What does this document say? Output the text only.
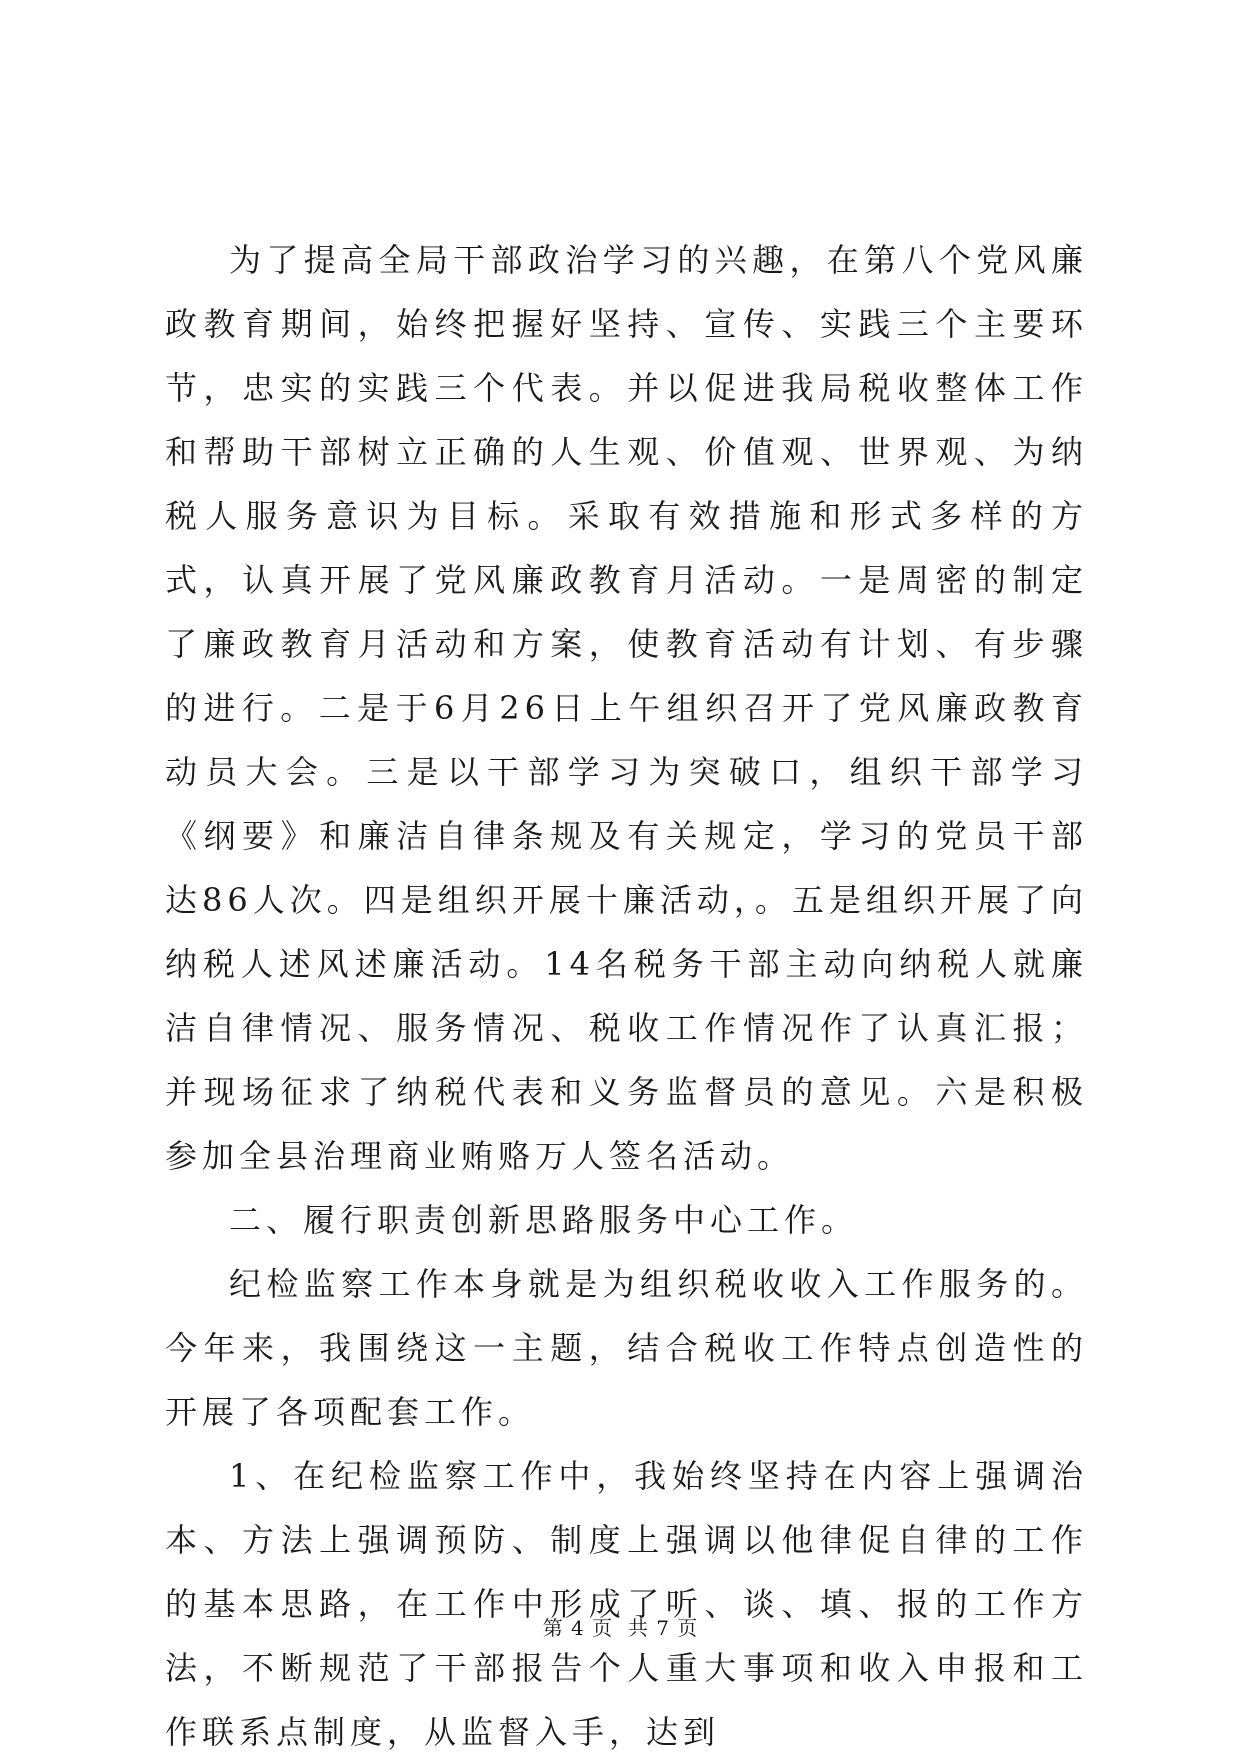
为了提高全局干部政治学习的兴趣，在第八个党风廉政教育期间，始终把握好坚持、宣传、实践三个主要环节，忠实的实践三个代表。并以促进我局税收整体工作和帮助干部树立正确的人生观、价值观、世界观、为纳税人服务意识为目标。采取有效措施和形式多样的方式，认真开展了党风廉政教育月活动。一是周密的制定了廉政教育月活动和方案，使教育活动有计划、有步骤的进行。二是于6月26日上午组织召开了党风廉政教育动员大会。三是以干部学习为突破口，组织干部学习《纲要》和廉洁自律条规及有关规定，学习的党员干部达86人次。四是组织开展十廉活动，。五是组织开展了向纳税人述风述廉活动。14名税务干部主动向纳税人就廉洁自律情况、服务情况、税收工作情况作了认真汇报；并现场征求了纳税代表和义务监督员的意见。六是积极参加全县治理商业贿赂万人签名活动。

二、履行职责创新思路服务中心工作。

纪检监察工作本身就是为组织税收收入工作服务的。今年来，我围绕这一主题，结合税收工作特点创造性的开展了各项配套工作。

1、在纪检监察工作中，我始终坚持在内容上强调治本、方法上强调预防、制度上强调以他律促自律的工作的基本思路，在工作中形成了听、谈、填、报的工作方法，不断规范了干部报告个人重大事项和收入申报和工作联系点制度，从监督入手，达到

第 4 页  共 7 页
